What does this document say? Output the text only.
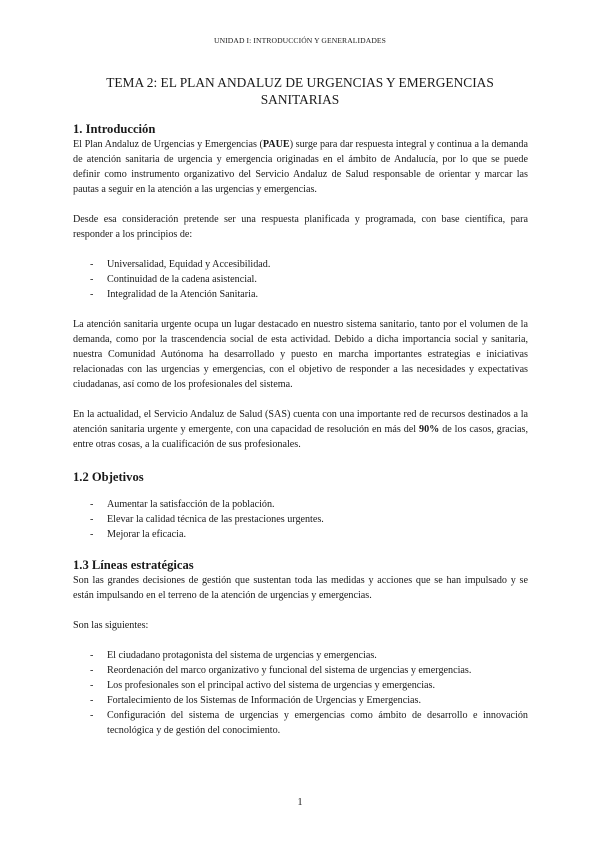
UNIDAD I: INTRODUCCIÓN Y GENERALIDADES
TEMA 2: EL PLAN ANDALUZ DE URGENCIAS Y EMERGENCIAS
SANITARIAS
1. Introducción

El Plan Andaluz de Urgencias y Emergencias (PAUE) surge para dar respuesta integral y continua a la demanda de atención sanitaria de urgencia y emergencia originadas en el ámbito de Andalucía, por lo que se puede definir como instrumento organizativo del Servicio Andaluz de Salud responsable de orientar y marcar las pautas a seguir en la atención a las urgencias y emergencias.

Desde esa consideración pretende ser una respuesta planificada y programada, con base científica, para responder a los principios de:

- Universalidad, Equidad y Accesibilidad.
- Continuidad de la cadena asistencial.
- Integralidad de la Atención Sanitaria.

La atención sanitaria urgente ocupa un lugar destacado en nuestro sistema sanitario, tanto por el volumen de la demanda, como por la trascendencia social de esta actividad. Debido a dicha importancia social y sanitaria, nuestra Comunidad Autónoma ha desarrollado y puesto en marcha importantes estrategias e iniciativas relacionadas con las urgencias y emergencias, con el objetivo de responder a las necesidades y expectativas ciudadanas, así como de los profesionales del sistema.

En la actualidad, el Servicio Andaluz de Salud (SAS) cuenta con una importante red de recursos destinados a la atención sanitaria urgente y emergente, con una capacidad de resolución en más del 90% de los casos, gracias, entre otras cosas, a la cualificación de sus profesionales.

1.2 Objetivos
- Aumentar la satisfacción de la población.
- Elevar la calidad técnica de las prestaciones urgentes.
- Mejorar la eficacia.
1.3 Líneas estratégicas

Son las grandes decisiones de gestión que sustentan toda las medidas y acciones que se han impulsado y se están impulsando en el terreno de la atención de urgencias y emergencias.

Son las siguientes:

- El ciudadano protagonista del sistema de urgencias y emergencias.
- Reordenación del marco organizativo y funcional del sistema de urgencias y emergencias.
- Los profesionales son el principal activo del sistema de urgencias y emergencias.
- Fortalecimiento de los Sistemas de Información de Urgencias y Emergencias.
- Configuración del sistema de urgencias y emergencias como ámbito de desarrollo e innovación tecnológica y de gestión del conocimiento.
1
